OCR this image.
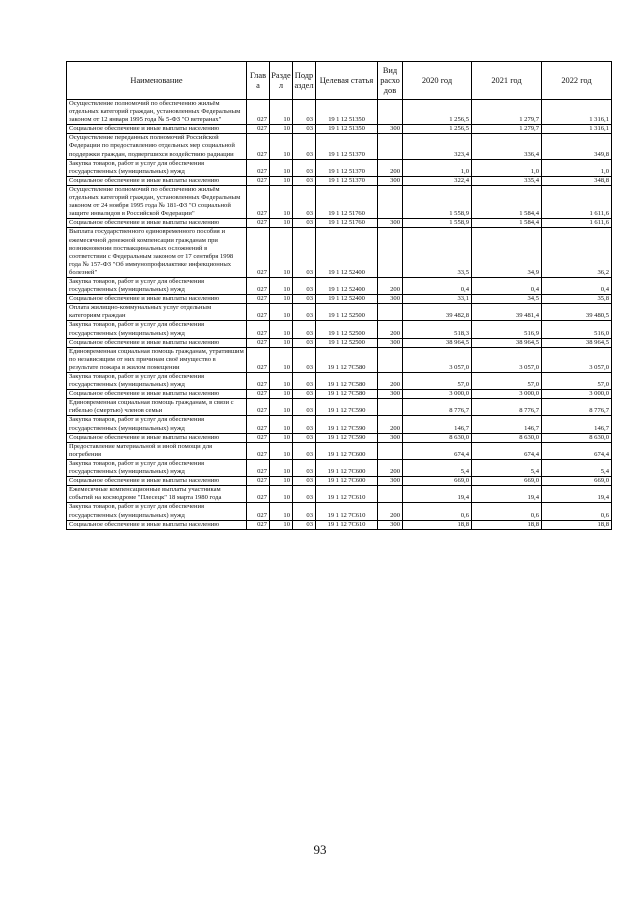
Наименование	Глав а	Разде л	Подр аздел	Целевая статья	Вид расхо дов	2020 год	2021 год	2022 год
Осуществление полномочий по обеспечению жильём отдельных категорий граждан, установленных Федеральным законом от 12 января 1995 года № 5-ФЗ "О ветеранах"	027	10	03	19 1 12 51350		1 256,5	1 279,7	1 316,1
Социальное обеспечение и иные выплаты населению	027	10	03	19 1 12 51350	300	1 256,5	1 279,7	1 316,1
Осуществление переданных полномочий Российской Федерации по предоставлению отдельных мер социальной поддержки граждан, подвергшихся воздействию радиации	027	10	03	19 1 12 51370		323,4	336,4	349,8
Закупка товаров, работ и услуг для обеспечения государственных (муниципальных) нужд	027	10	03	19 1 12 51370	200	1,0	1,0	1,0
Социальное обеспечение и иные выплаты населению	027	10	03	19 1 12 51370	300	322,4	335,4	348,8
Осуществление полномочий по обеспечению жильём отдельных категорий граждан, установленных Федеральным законом от 24 ноября 1995 года № 181-ФЗ "О социальной защите инвалидов в Российской Федерации"	027	10	03	19 1 12 51760		1 558,9	1 584,4	1 611,6
Социальное обеспечение и иные выплаты населению	027	10	03	19 1 12 51760	300	1 558,9	1 584,4	1 611,6
Выплата государственного единовременного пособия и ежемесячной денежной компенсации гражданам при возникновении поствакцинальных осложнений в соответствии с Федеральным законом от 17 сентября 1998 года № 157-ФЗ "Об иммунопрофилактике инфекционных болезней"	027	10	03	19 1 12 52400		33,5	34,9	36,2
Закупка товаров, работ и услуг для обеспечения государственных (муниципальных) нужд	027	10	03	19 1 12 52400	200	0,4	0,4	0,4
Социальное обеспечение и иные выплаты населению	027	10	03	19 1 12 52400	300	33,1	34,5	35,8
Оплата жилищно-коммунальных услуг отдельным категориям граждан	027	10	03	19 1 12 52500		39 482,8	39 481,4	39 480,5
Закупка товаров, работ и услуг для обеспечения государственных (муниципальных) нужд	027	10	03	19 1 12 52500	200	518,3	516,9	516,0
Социальное обеспечение и иные выплаты населению	027	10	03	19 1 12 52500	300	38 964,5	38 964,5	38 964,5
Единовременная социальная помощь гражданам, утратившим по независящим от них причинам своё имущество в результате пожара в жилом помещении	027	10	03	19 1 12 7С580		3 057,0	3 057,0	3 057,0
Закупка товаров, работ и услуг для обеспечения государственных (муниципальных) нужд	027	10	03	19 1 12 7С580	200	57,0	57,0	57,0
Социальное обеспечение и иные выплаты населению	027	10	03	19 1 12 7С580	300	3 000,0	3 000,0	3 000,0
Единовременная социальная помощь гражданам, в связи с гибелью (смертью) членов семьи	027	10	03	19 1 12 7С590		8 776,7	8 776,7	8 776,7
Закупка товаров, работ и услуг для обеспечения государственных (муниципальных) нужд	027	10	03	19 1 12 7С590	200	146,7	146,7	146,7
Социальное обеспечение и иные выплаты населению	027	10	03	19 1 12 7С590	300	8 630,0	8 630,0	8 630,0
Предоставление материальной и иной помощи для погребения	027	10	03	19 1 12 7С600		674,4	674,4	674,4
Закупка товаров, работ и услуг для обеспечения государственных (муниципальных) нужд	027	10	03	19 1 12 7С600	200	5,4	5,4	5,4
Социальное обеспечение и иные выплаты населению	027	10	03	19 1 12 7С600	300	669,0	669,0	669,0
Ежемесячные компенсационные выплаты участникам событий на космодроме "Плесецк" 18 марта 1980 года	027	10	03	19 1 12 7С610		19,4	19,4	19,4
Закупка товаров, работ и услуг для обеспечения государственных (муниципальных) нужд	027	10	03	19 1 12 7С610	200	0,6	0,6	0,6
Социальное обеспечение и иные выплаты населению	027	10	03	19 1 12 7С610	300	18,8	18,8	18,8
93
